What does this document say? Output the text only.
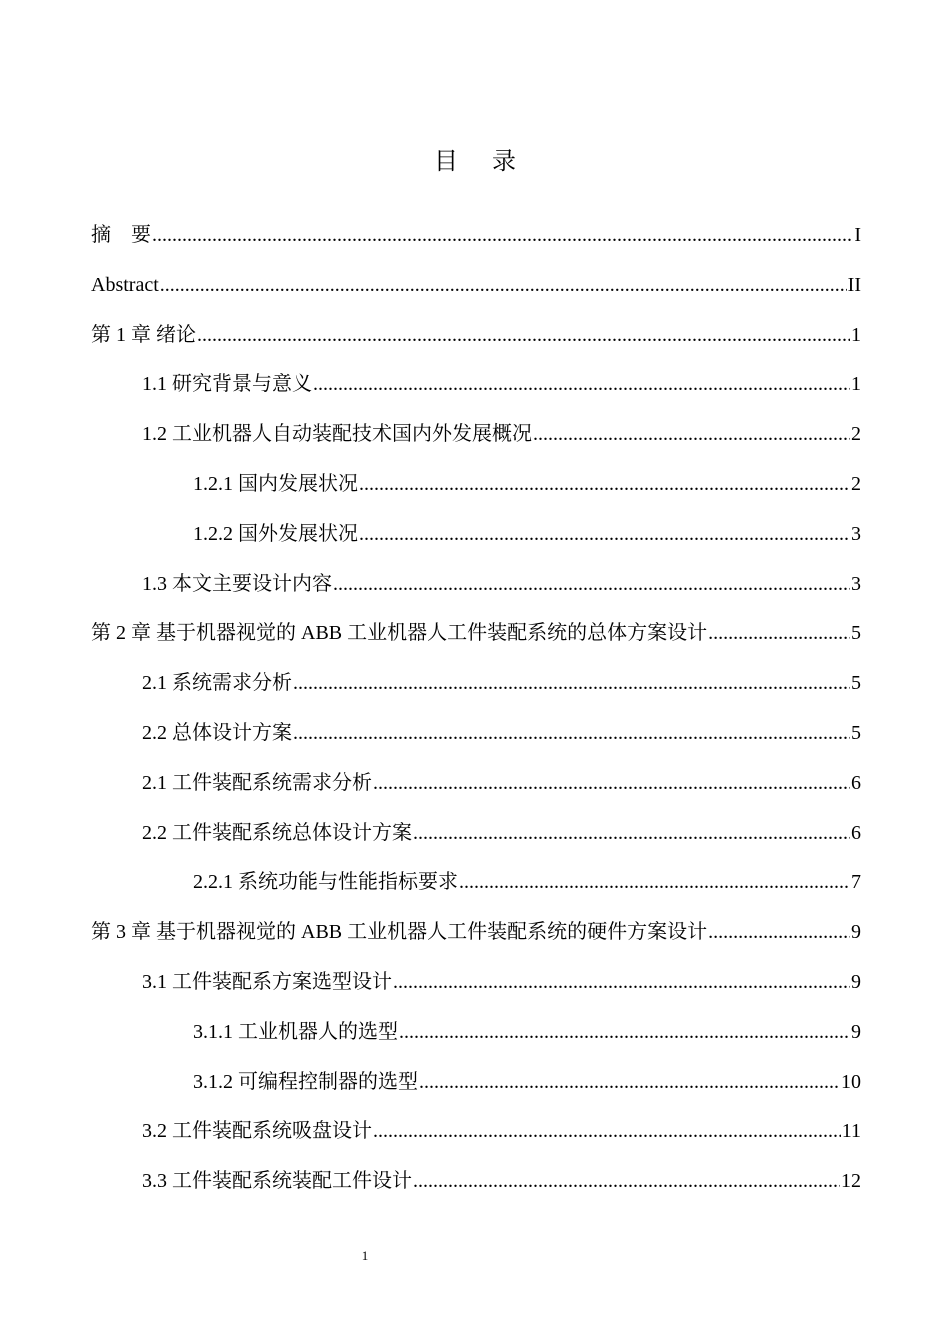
目 录
摘　要 .....	I
Abstract .....	II
第 1 章 绪论 .....	1
1.1 研究背景与意义 .....	1
1.2 工业机器人自动装配技术国内外发展概况 .....	2
1.2.1 国内发展状况 .....	2
1.2.2 国外发展状况 .....	3
1.3 本文主要设计内容 .....	3
第 2 章 基于机器视觉的 ABB 工业机器人工件装配系统的总体方案设计 .....	5
2.1 系统需求分析 .....	5
2.2 总体设计方案 .....	5
2.1 工件装配系统需求分析 .....	6
2.2 工件装配系统总体设计方案 .....	6
2.2.1 系统功能与性能指标要求 .....	7
第 3 章 基于机器视觉的 ABB 工业机器人工件装配系统的硬件方案设计 .....	9
3.1 工件装配系方案选型设计 .....	9
3.1.1 工业机器人的选型 .....	9
3.1.2 可编程控制器的选型 .....	10
3.2 工件装配系统吸盘设计 .....	11
3.3 工件装配系统装配工件设计 .....	12
1
